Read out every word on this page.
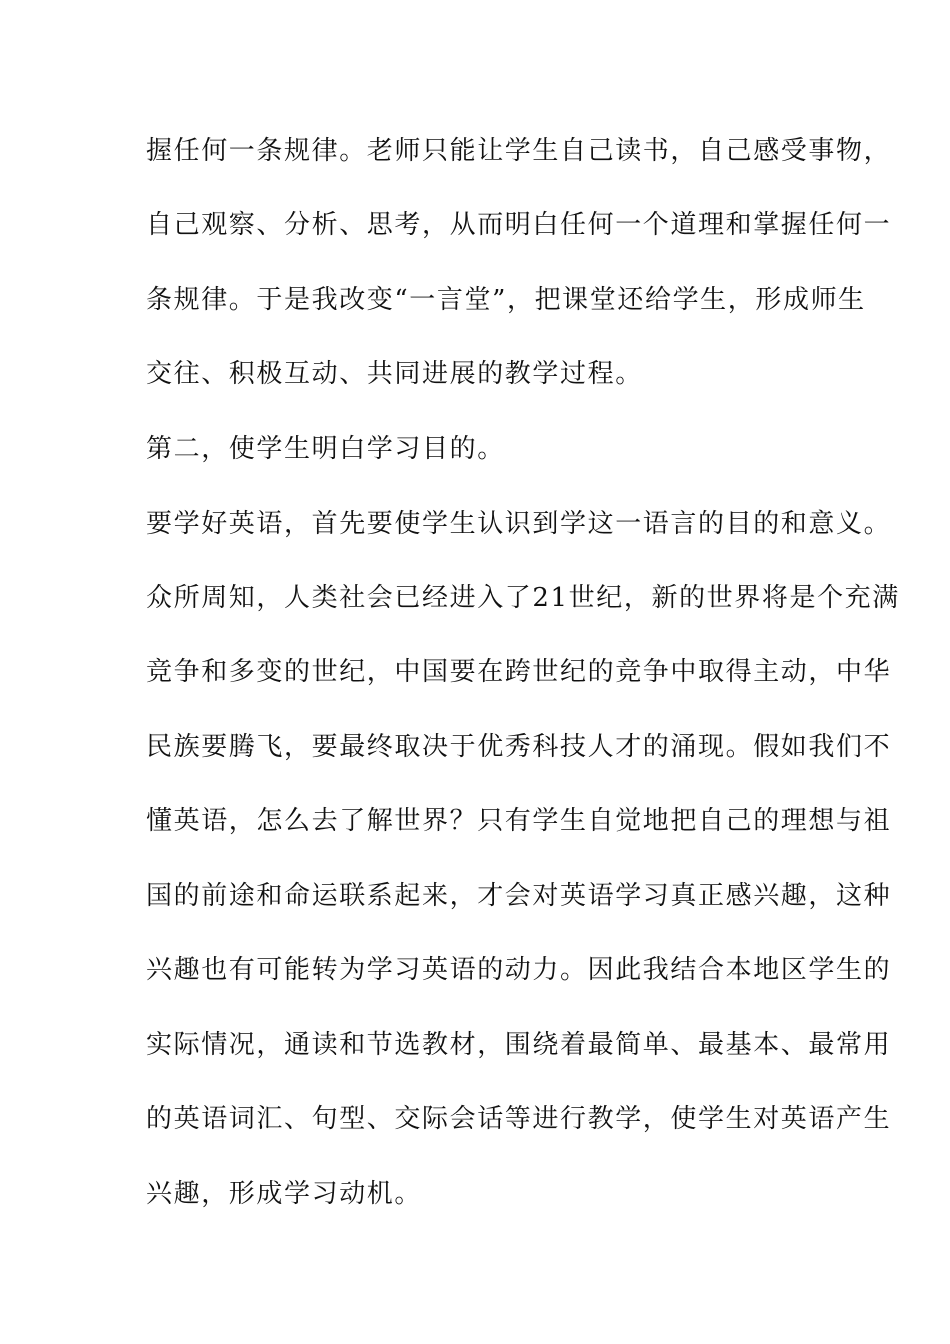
握任何一条规律。老师只能让学生自己读书，自己感受事物，
自己观察、分析、思考，从而明白任何一个道理和掌握任何一
条规律。于是我改变“一言堂”，把课堂还给学生，形成师生
交往、积极互动、共同进展的教学过程。
第二，使学生明白学习目的。
要学好英语，首先要使学生认识到学这一语言的目的和意义。
众所周知，人类社会已经进入了21世纪，新的世界将是个充满
竞争和多变的世纪，中国要在跨世纪的竞争中取得主动，中华
民族要腾飞，要最终取决于优秀科技人才的涌现。假如我们不
懂英语，怎么去了解世界？只有学生自觉地把自己的理想与祖
国的前途和命运联系起来，才会对英语学习真正感兴趣，这种
兴趣也有可能转为学习英语的动力。因此我结合本地区学生的
实际情况，通读和节选教材，围绕着最简单、最基本、最常用
的英语词汇、句型、交际会话等进行教学，使学生对英语产生
兴趣，形成学习动机。
